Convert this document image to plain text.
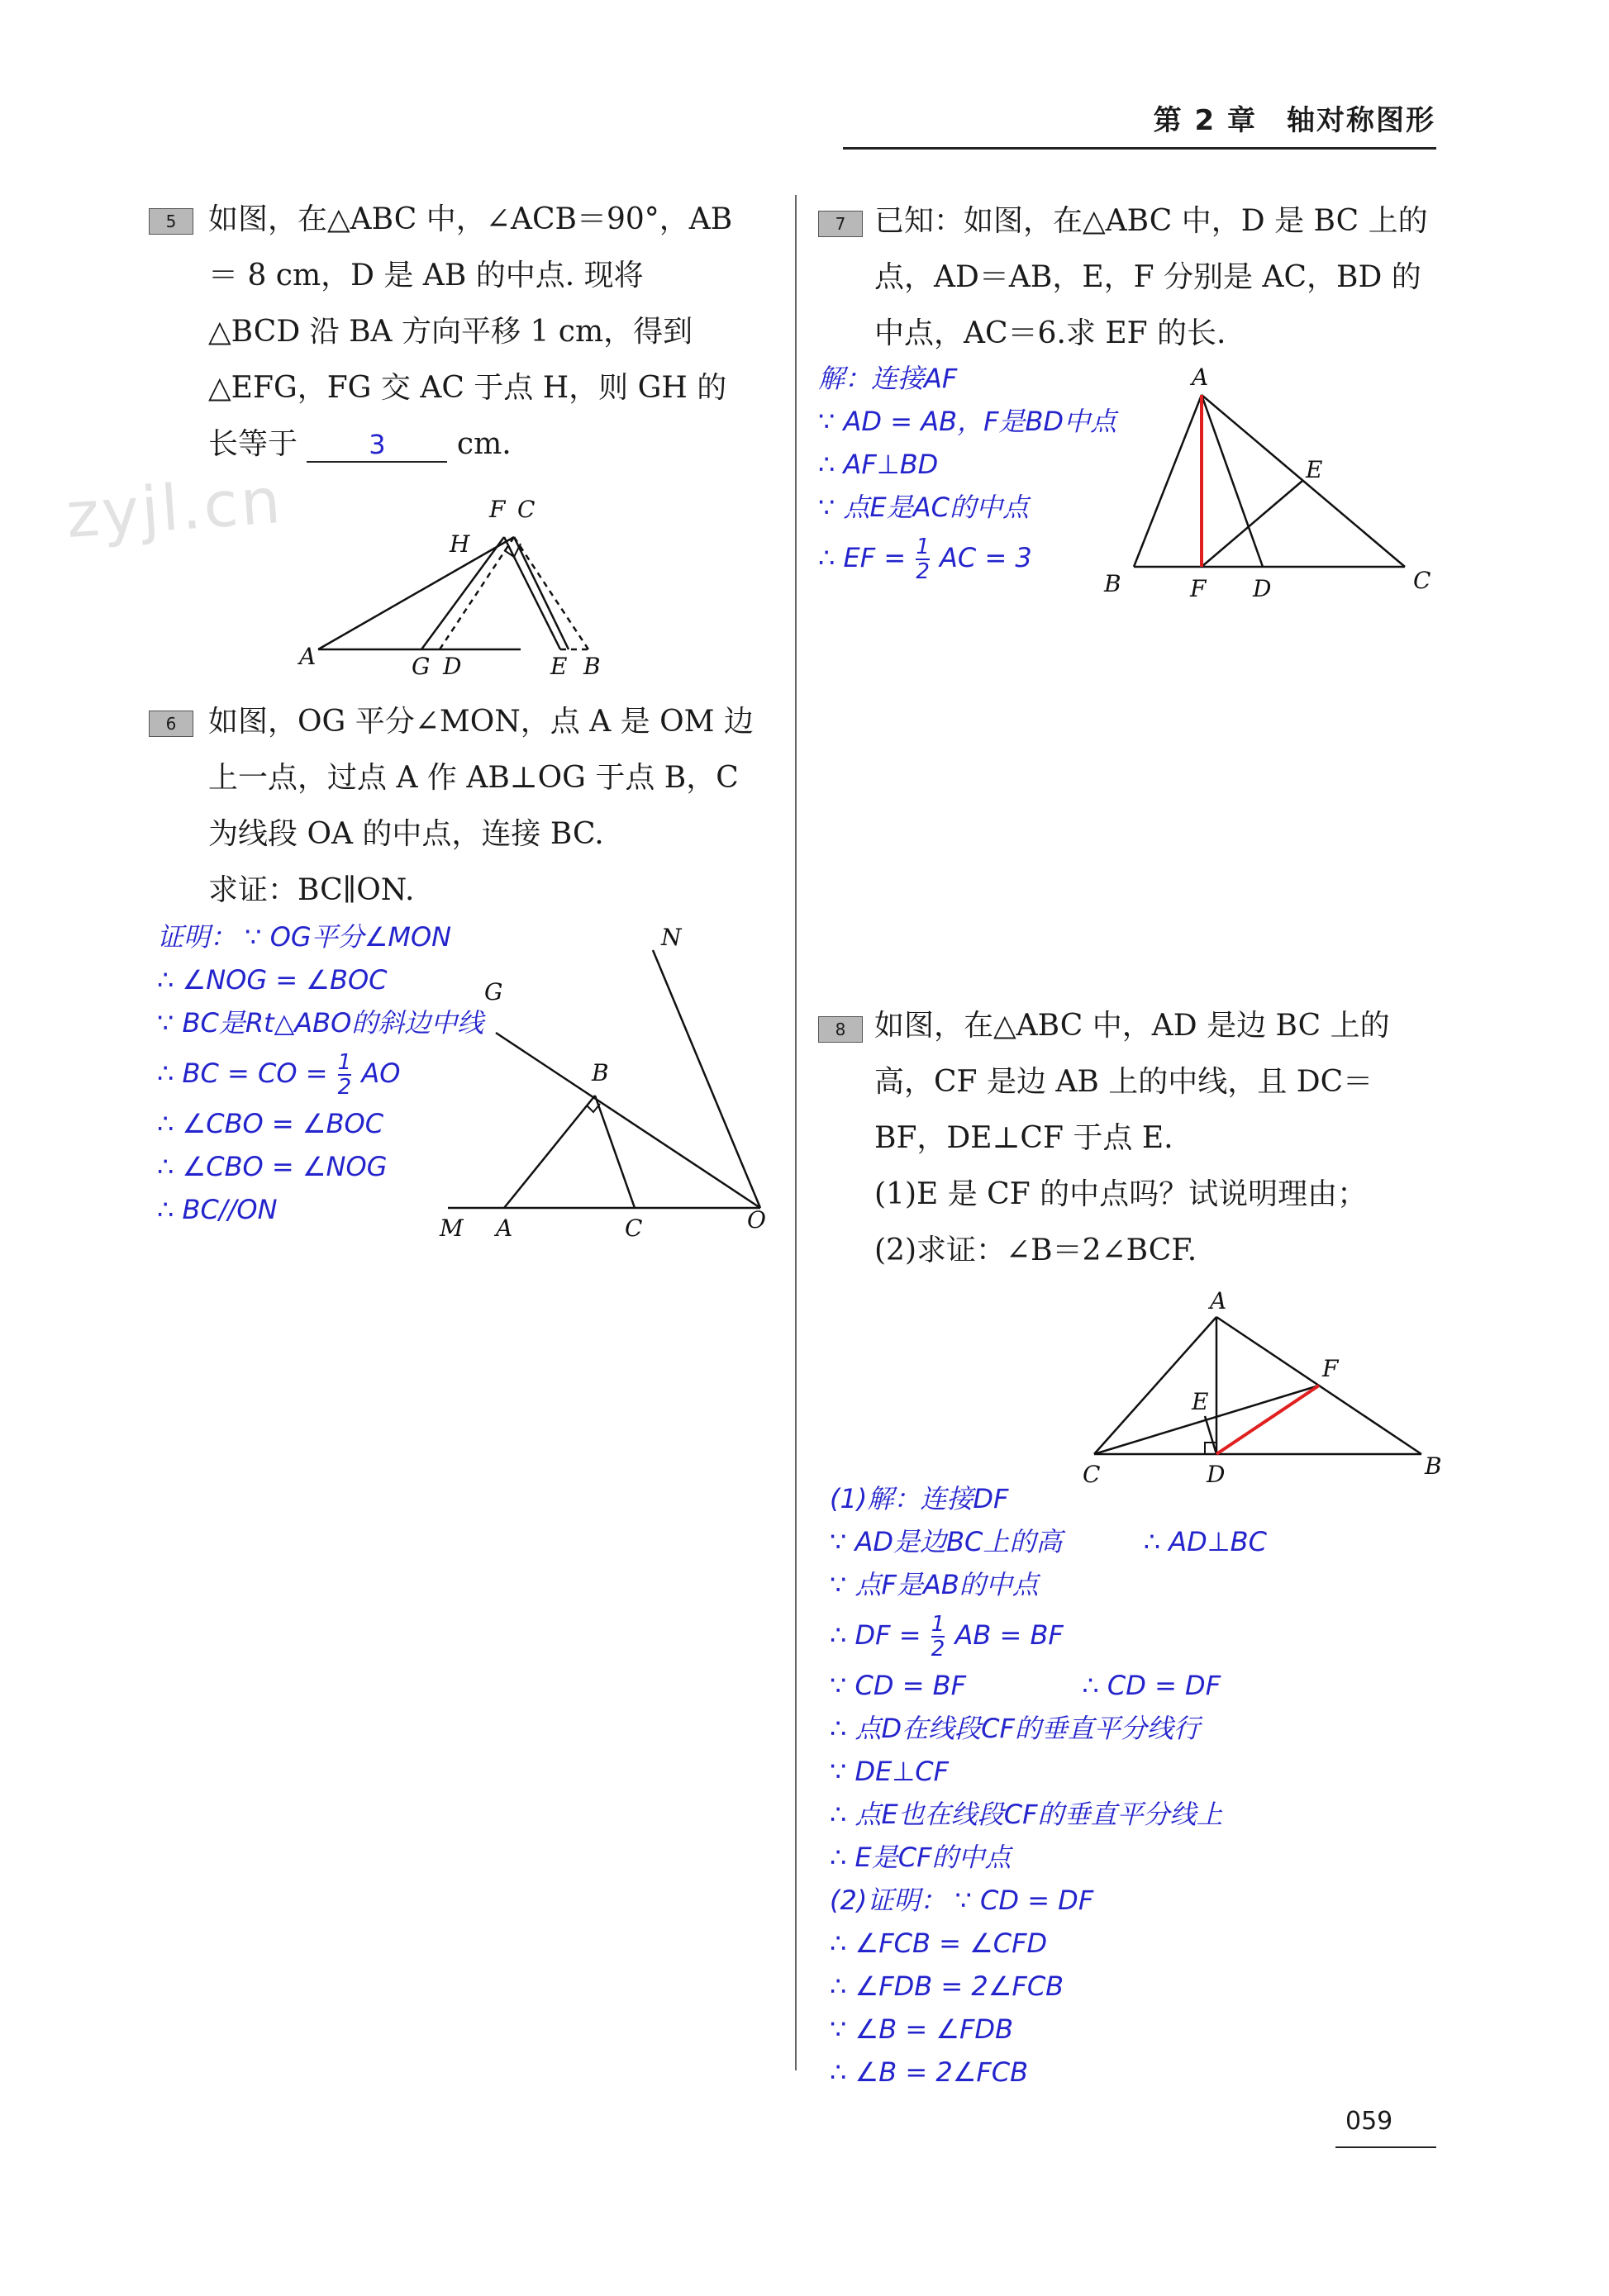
第 2 章　轴对称图形
zyjl.cn
5	如图，在△ABC 中，∠ACB＝90°，AB
＝ 8 cm，D 是 AB 的中点. 现将
△BCD 沿 BA 方向平移 1 cm，得到
△EFG，FG 交 AC 于点 H，则 GH 的
长等于	3 cm.
F C
H
A	G D	E B
6	如图，OG 平分∠MON，点 A 是 OM 边
上一点，过点 A 作 AB⊥OG 于点 B，C
为线段 OA 的中点，连接 BC.
求证：BC∥ON.
证明： ∵ OG平分∠MON
∴ ∠NOG = ∠BOC
∵ BC是Rt△ABO的斜边中线
∴ BC = CO = $\frac{1}{2}$ AO
∴ ∠CBO = ∠BOC
∴ ∠CBO = ∠NOG
∴ BC//ON
N
G
B
M A	C	O
7 已知：如图，在△ABC 中，D 是 BC 上的
点，AD＝AB，E，F 分别是 AC，BD 的
中点，AC＝6.求 EF 的长.
解：连接AF
∵ AD = AB，F是BD中点
∴ AF⊥BD
∵ 点E是AC的中点
∴ EF = $\frac{1}{2}$ AC = 3
A
E
B	F D	C
8 如图，在△ABC 中，AD 是边 BC 上的
高，CF 是边 AB 上的中线，且 DC＝
BF，DE⊥CF 于点 E.
(1)E 是 CF 的中点吗？试说明理由；
(2)求证：∠B＝2∠BCF.
A
F
E
C	D	B
(1)解：连接DF
∵ AD是边BC上的高	∴ AD⊥BC
∵ 点F是AB的中点
∴ DF = $\frac{1}{2}$ AB = BF
∵ CD = BF	∴ CD = DF
∴ 点D在线段CF的垂直平分线行
∵ DE⊥CF
∴ 点E也在线段CF的垂直平分线上
∴ E是CF的中点
(2)证明： ∵ CD = DF
∴ ∠FCB = ∠CFD
∴ ∠FDB = 2∠FCB
∵ ∠B = ∠FDB
∴ ∠B = 2∠FCB
059
